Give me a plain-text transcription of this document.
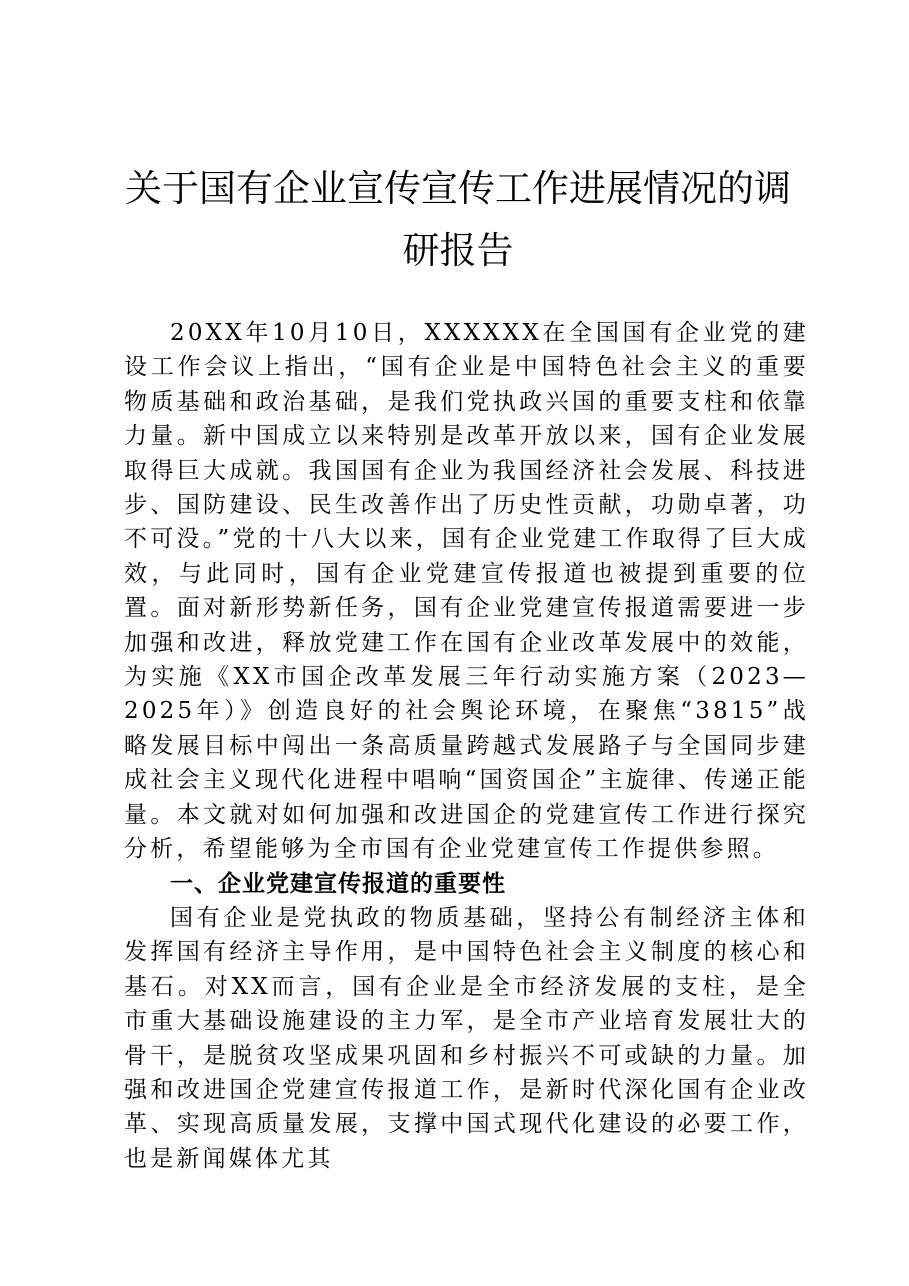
关于国有企业宣传宣传工作进展情况的调研报告

20XX年10月10日，XXXXXX在全国国有企业党的建设工作会议上指出，“国有企业是中国特色社会主义的重要物质基础和政治基础，是我们党执政兴国的重要支柱和依靠力量。新中国成立以来特别是改革开放以来，国有企业发展取得巨大成就。我国国有企业为我国经济社会发展、科技进步、国防建设、民生改善作出了历史性贡献，功勋卓著，功不可没。”党的十八大以来，国有企业党建工作取得了巨大成效，与此同时，国有企业党建宣传报道也被提到重要的位置。面对新形势新任务，国有企业党建宣传报道需要进一步加强和改进，释放党建工作在国有企业改革发展中的效能，为实施《XX市国企改革发展三年行动实施方案（2023—2025年）》创造良好的社会舆论环境，在聚焦“3815”战略发展目标中闯出一条高质量跨越式发展路子与全国同步建成社会主义现代化进程中唱响“国资国企”主旋律、传递正能量。本文就对如何加强和改进国企的党建宣传工作进行探究分析，希望能够为全市国有企业党建宣传工作提供参照。

一、企业党建宣传报道的重要性

国有企业是党执政的物质基础，坚持公有制经济主体和发挥国有经济主导作用，是中国特色社会主义制度的核心和基石。对XX而言，国有企业是全市经济发展的支柱，是全市重大基础设施建设的主力军，是全市产业培育发展壮大的骨干，是脱贫攻坚成果巩固和乡村振兴不可或缺的力量。加强和改进国企党建宣传报道工作，是新时代深化国有企业改革、实现高质量发展，支撑中国式现代化建设的必要工作，也是新闻媒体尤其
